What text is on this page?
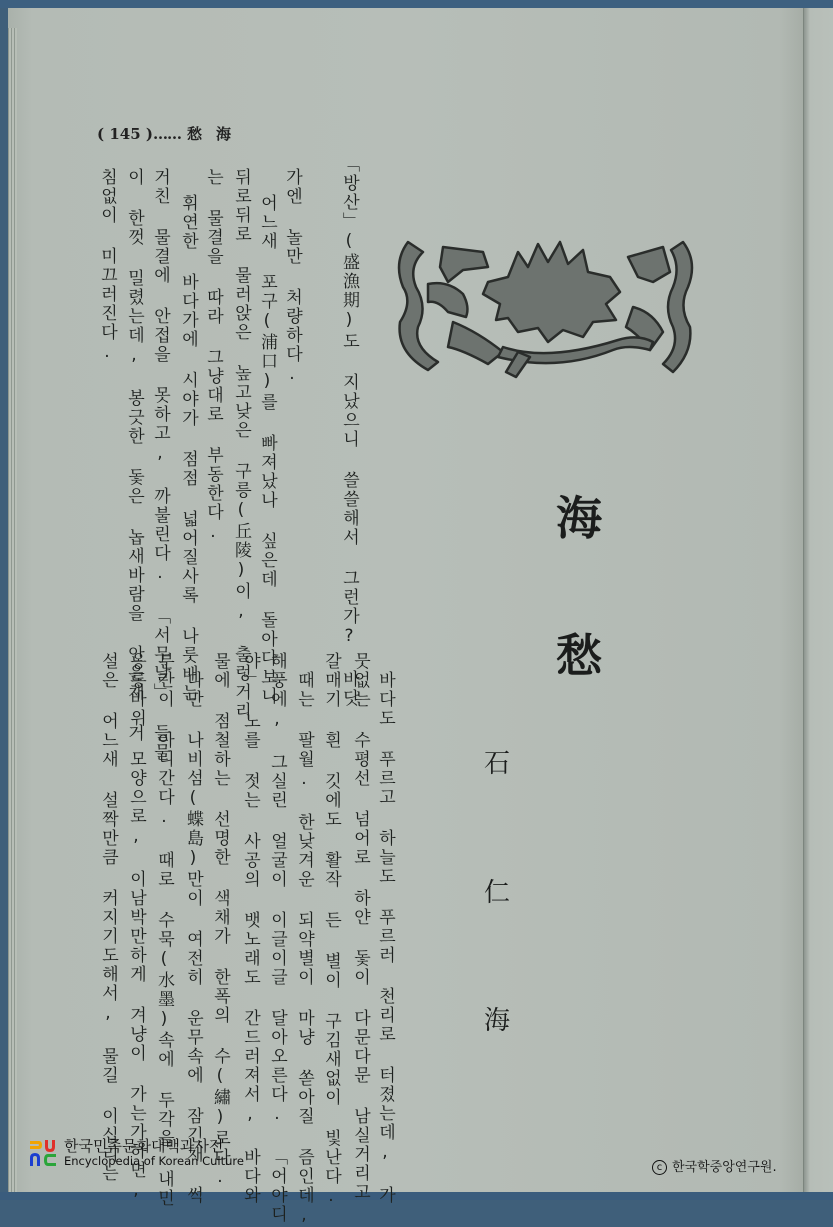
( 145 )…… 愁海
「방산」(盛漁期)도 지났으니 쓸쓸해서 그런가? 바닷
가엔 놀만 처량하다.
　어느새 포구(浦口)를 빠져났나 싶은데 돌아다보니
뒤로뒤로 물러앉은 높고낮은 구릉(丘陵)이, 출렁거리
는 물결을 따라 그냥대로 부동한다.
　휘연한 바다가에 시야가 점점 넓어질사록 나룻배는
거친 물결에 안접을 못하고, 까불린다. 「서무날」 들물
이 한껏 밀렸는데, 봉긋한 돛은 놉새바람을 안은채 거
침없이 미끄러진다.
　바다도 푸르고 하늘도 푸르러 천리로 터졌는데, 가
뭇없는 수평선 넘어로 하얀 돛이 다문다문 남실거리고
갈매기 흰 깃에도 활작 든 별이 구김새없이 빛난다.
　때는 팔월. 한낮겨운 되약별이 마냥 쏟아질 즘인데,
해풍에, 그실린 얼굴이 이글이글 달아오른다. 「어야디
야」 노를 젓는 사공의 뱃노래도 간드러져서, 바다와
물에 점철하는 선명한 색채가 한폭의 수(繡)로다.
　다만 나비섬(蝶島)만이 여전히 운무속에 잠긴채 썩
분간이 아니간다. 때로 수묵(水墨)속에 두각을 내민
옹롱바위 모양으로, 이남박만하게 겨냥이 가는가하면,
설은 어느새 설짝만큼 커지기도해서, 물길 이십리는
海
愁
石
仁
海
한국민족문화대백과사전
Encyclopedia of Korean Culture	c 한국학중앙연구원.
